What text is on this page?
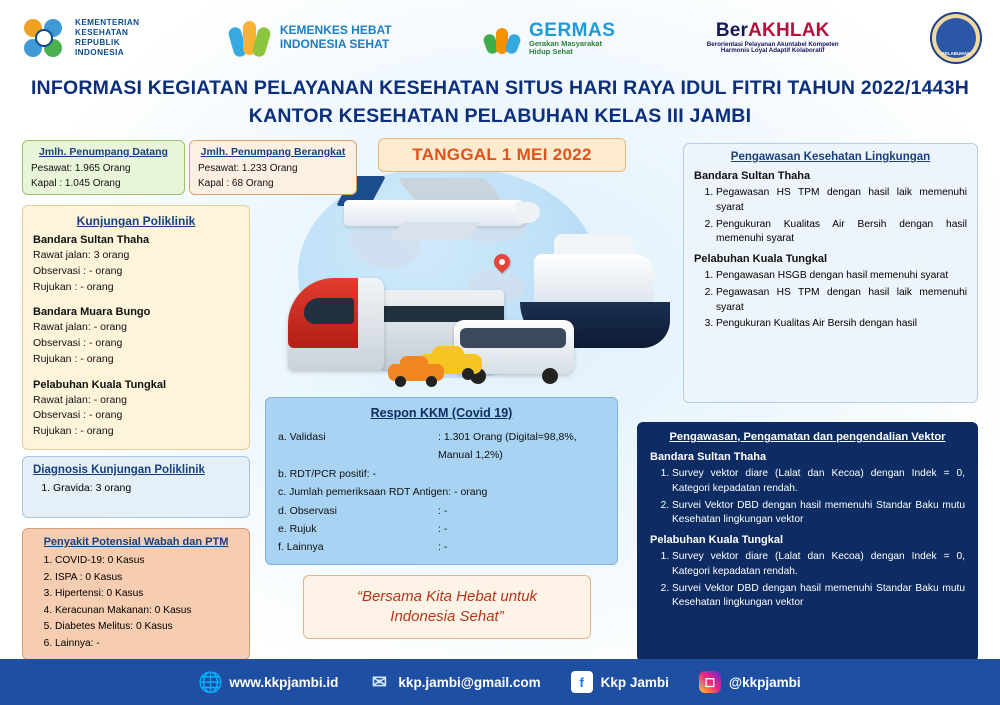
KEMENTERIAN
KESEHATAN
REPUBLIK
INDONESIA
KEMENKES HEBAT
INDONESIA SEHAT
GERMAS
Gerakan Masyarakat
Hidup Sehat
BerAKHLAK
Berorientasi Pelayanan Akuntabel Kompeten
Harmonis Loyal Adaptif Kolaboratif	PELABUHAN
INFORMASI KEGIATAN PELAYANAN KESEHATAN SITUS HARI RAYA IDUL FITRI TAHUN 2022/1443H
KANTOR KESEHATAN PELABUHAN KELAS III JAMBI
Jmlh. Penumpang Datang
Pesawat: 1.965 Orang
Kapal : 1.045 Orang
Jmlh. Penumpang Berangkat
Pesawat: 1.233 Orang
Kapal : 68 Orang
TANGGAL 1 MEI 2022
Kunjungan Poliklinik
Bandara Sultan Thaha
Rawat jalan: 3 orang
Observasi : - orang
Rujukan : - orang
Bandara Muara Bungo
Rawat jalan: - orang
Observasi : - orang
Rujukan : - orang
Pelabuhan Kuala Tungkal
Rawat jalan: - orang
Observasi : - orang
Rujukan : - orang
Diagnosis Kunjungan Poliklinik
1. Gravida: 3 orang
Penyakit Potensial Wabah dan PTM
1. COVID-19: 0 Kasus
2. ISPA : 0 Kasus
3. Hipertensi: 0 Kasus
4. Keracunan Makanan: 0 Kasus
5. Diabetes Melitus: 0 Kasus
6. Lainnya: -
Respon KKM (Covid 19)
a. Validasi	: 1.301 Orang (Digital=98,8%, Manual 1,2%)
b. RDT/PCR positif: -
c. Jumlah pemeriksaan RDT Antigen: - orang
d. Observasi	: -
e. Rujuk	: -
f. Lainnya	: -
“Bersama Kita Hebat untuk
Indonesia Sehat”
Pengawasan Kesehatan Lingkungan
Bandara Sultan Thaha
1. Pegawasan HS TPM dengan hasil laik memenuhi syarat
2. Pengukuran Kualitas Air Bersih dengan hasil memenuhi syarat
Pelabuhan Kuala Tungkal
1. Pengawasan HSGB dengan hasil memenuhi syarat
2. Pegawasan HS TPM dengan hasil laik memenuhi syarat
3. Pengukuran Kualitas Air Bersih dengan hasil
Pengawasan, Pengamatan dan pengendalian Vektor
Bandara Sultan Thaha
1. Survey vektor diare (Lalat dan Kecoa) dengan Indek = 0, Kategori kepadatan rendah.
2. Survei Vektor DBD dengan hasil memenuhi Standar Baku mutu Kesehatan lingkungan vektor
Pelabuhan Kuala Tungkal
1. Survey vektor diare (Lalat dan Kecoa) dengan Indek = 0, Kategori kepadatan rendah.
2. Survei Vektor DBD dengan hasil memenuhi Standar Baku mutu Kesehatan lingkungan vektor
🌐 www.kkpjambi.id ✉ kkp.jambi@gmail.com	f	Kkp Jambi	◻	@kkpjambi
